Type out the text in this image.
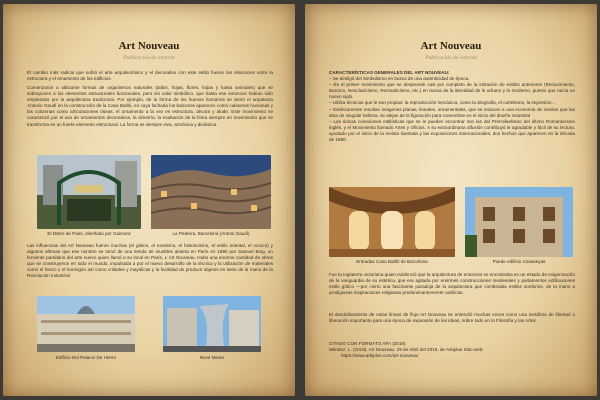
Art Nouveau
Publicación de internet

El cambio más radical que sufrió el arte arquitectónico y el decorativo con este estilo fueron las relaciones entre la estructura y el ornamento de los edificios.

Comenzaron a utilizarse formas de organismos naturales (tallos, hojas, flores, hojas y hasta animales) que se sobreponen a los elementos estructurales funcionales, pero sin valor simbólico, que hasta ese entonces habían sido empleados por la arquitectura tradicional. Por ejemplo, de la forma de los huesos humanos se sirvió el arquitecto Antonio Gaudí en la construcción de la Casa Batlló, en cuya fachada los balcones aparecen como calaveras humanas y las columnas como articulaciones óseas, el ornamento a la vez es estructura, decora y alude. Este movimiento se caracterizó por el uso de ornamentos decorativos, la simetría, la exaltación de la línea siempre en movimiento que se transforma en un fuerte elemento estructural. La forma es siempre viva, armónica y dinámica.

El Metro de Paris, diseñado por Guimard	La Pedrera, Barcelona (Antoni Gaudí)

Las influencias del Art Nouveau fueron muchas (el gótico, el exotismo, el historicismo, el estilo oriental, el rococó) y algunos afirman que ese nombre se tomó de una tienda de muebles abierta en París en 1890 por Samuel Bing, un ferviente partidario del arte nuevo quien llamó a su local en París, L´Art Nouveau. Hubo una enorme cantidad de obras que se construyeron en todo el mundo, impulsada a por el nuevo desarrollo de la técnica y la utilización de materiales como el hierro y el hormigón así como cristales y mayólicas y la facilidad de producir objetos en serie de la mano de la Revolución Industrial.

Edificio Del Palacio De Hierro	Nové Mesto
Art Nouveau
Publicación de internet
CARACTERÍSTICAS GENERALES DEL ART NOUVEAU:
– Se desligó del Simbolismo en busca de una autenticidad de época.
– Es el primer movimiento que se desprende casi por completo de la imitación de estilos anteriores (Renacimiento, Barroco, Neoclasicismo, Romanticismo, etc.) en busca de la identidad de lo urbano y lo moderno, puesto que nacía un nuevo siglo.
– Utiliza técnicas que le son propias: la reproducción mecánica, como la xilografía, el cartelismo, la impresión...
– Estéticamente resultan imágenes planas, lineales, ornamentales, que se reducen a una economía de medios que las dota de singular belleza, se alejan de la figuración para convertirse en el inicio del diseño industrial
– Las únicas conexiones estilísticas que se le pueden encontrar son las del Prerrafaelismo del último Romanticismo inglés, y el Movimiento llamado Artes y Oficios. A su extraordinaria difusión contribuyó le agradable y fácil de su lectura, ayudado por el inicio de la revista ilustrada y las exposiciones internacionales; dos hechos que aparecen en la década de 1890.
Entradas Casa Batlló de Barcelona	Puede edificio Casaseyas

Fue la Inglaterra victoriana quien evidenció que la arquitectura de entonces se encontraba en un estado de exigenzación de la vanguardia de su estética, que era agitada por enormes construcciones medievales y parlamentos edificaciones estilo gótico —por cierto una fascinante paradoja de la arquitectura que combinaba estilos sombríos, de la mano a prodigiosas inspiraciones religiosas predominantemente católicas.

El desdoblamiento de estas líneas de flujo Art Nouveau se entendió muchas veces como una metáfora de libertad o liberación importante para una época de expansión de las ideas, sobre todo en la Filosofía y las Artes.

CITADO CON FORMATO APA (2018)
Méndez, L. (2019). Art Nouveau. 29 de Abril del 2019, de Arkiplus Sitio web:
https://www.arkiplus.com/art-nouveau/
